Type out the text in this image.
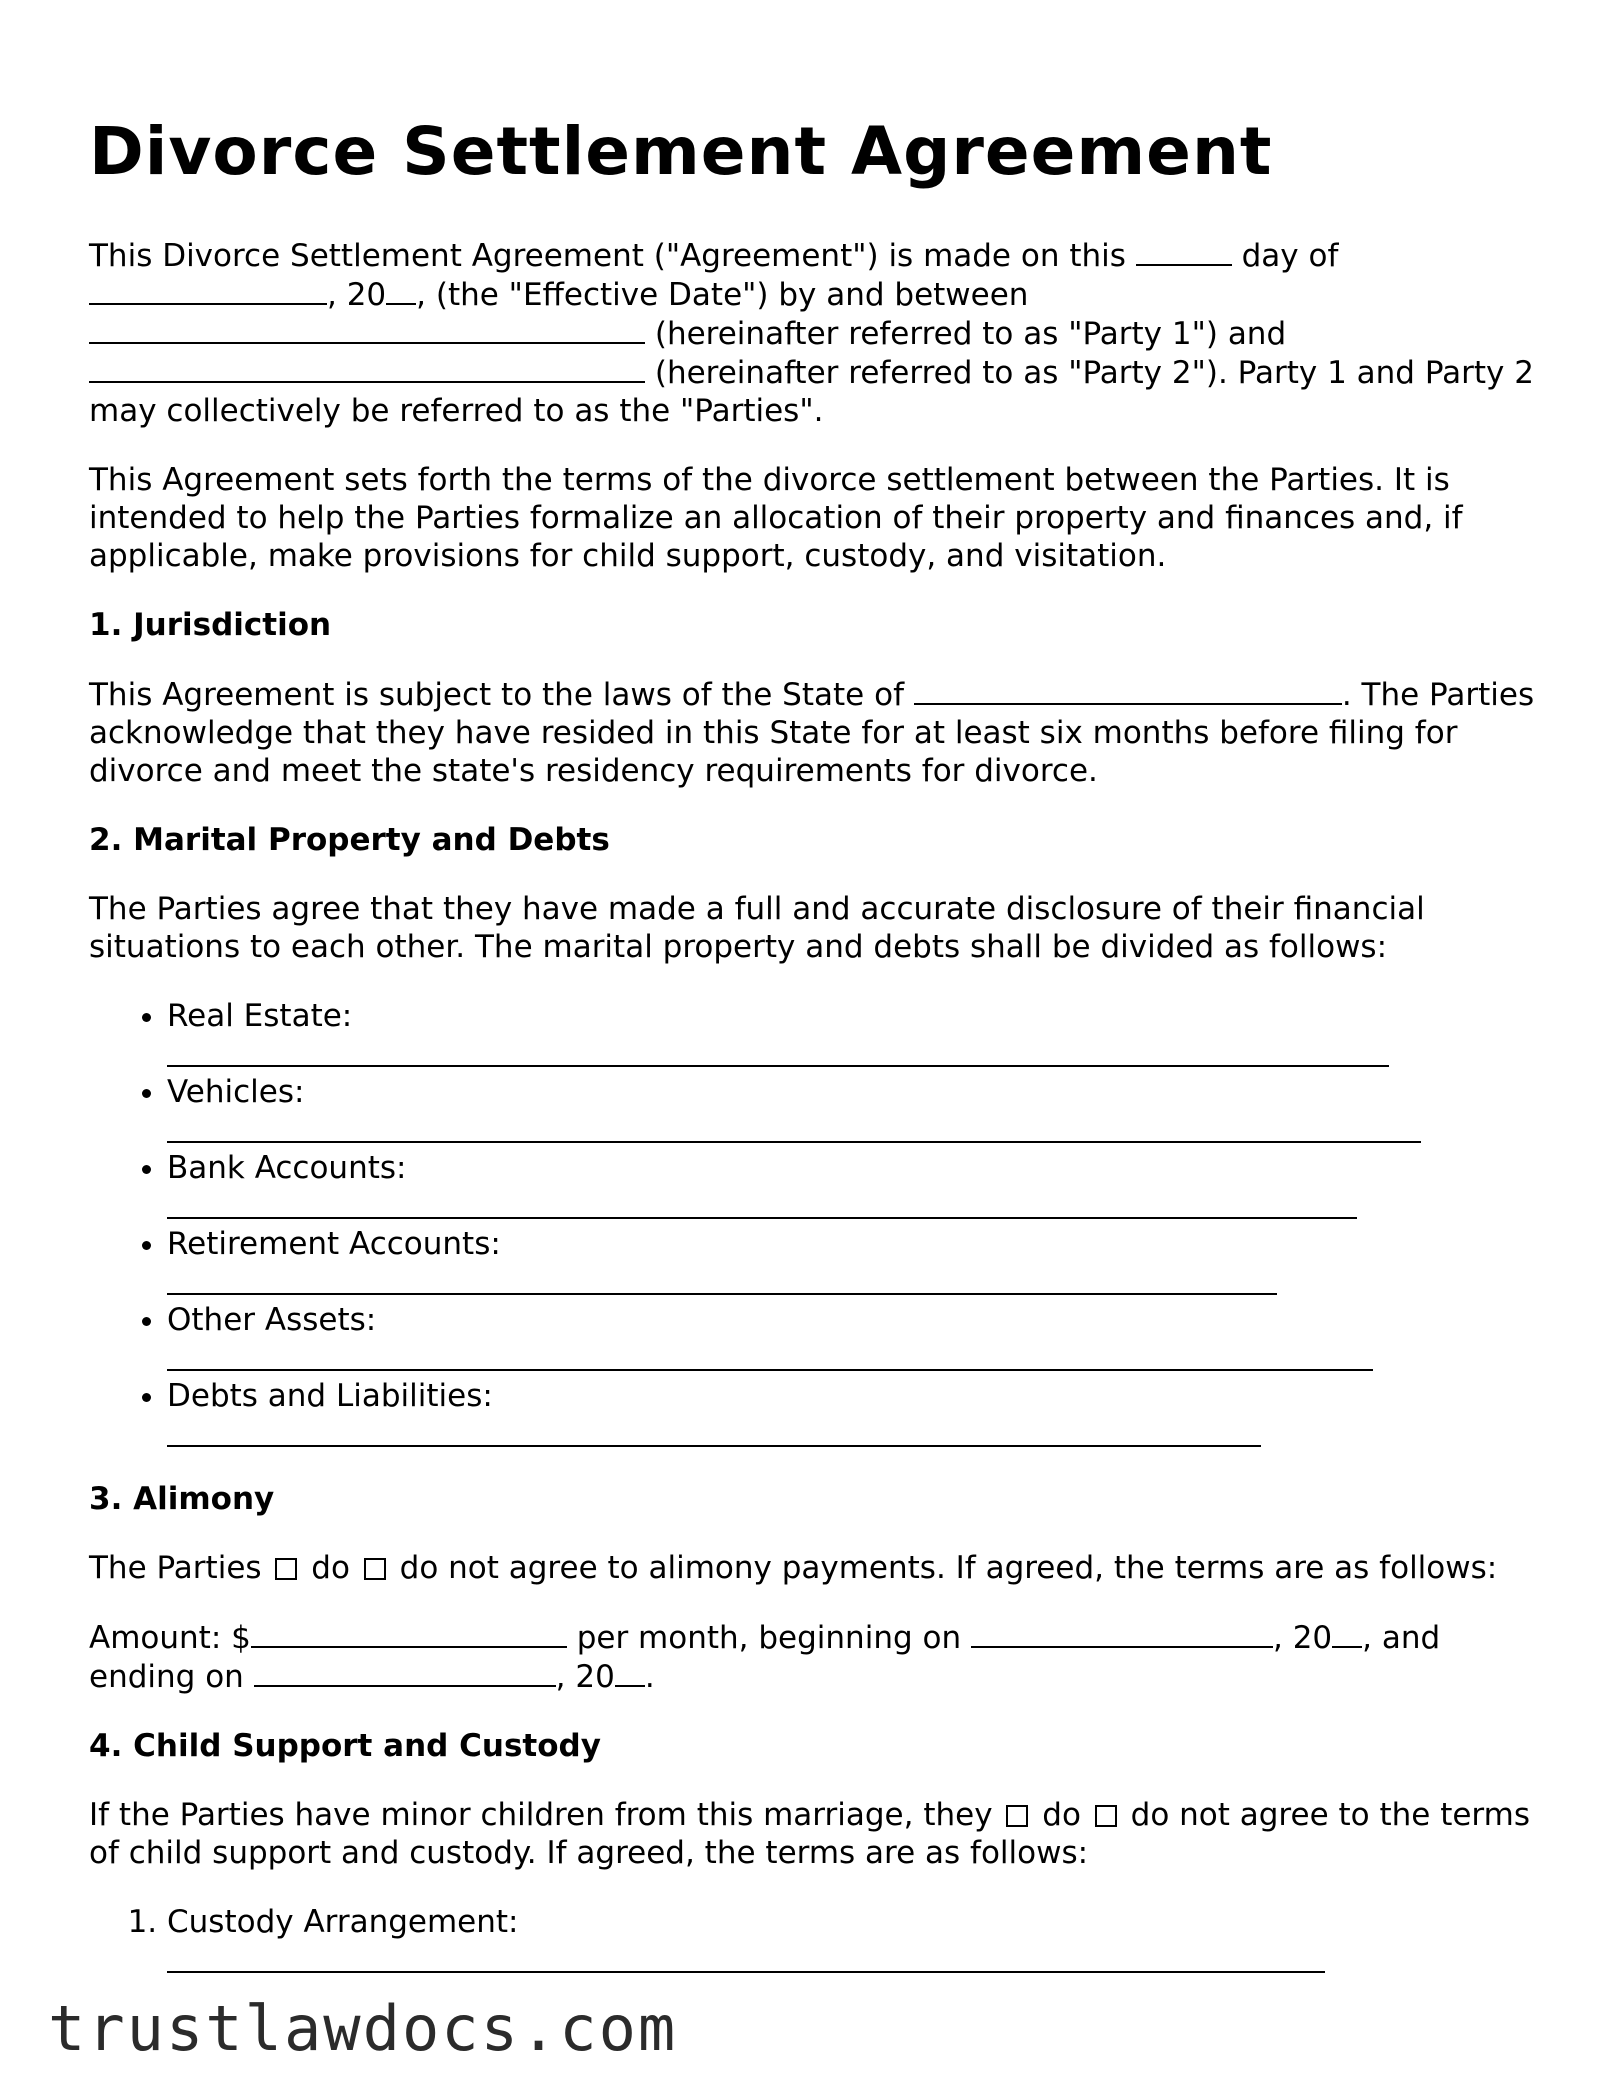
Divorce Settlement Agreement

This Divorce Settlement Agreement ("Agreement") is made on this	day of , 20 , (the "Effective Date") by and between  (hereinafter referred to as "Party 1") and  (hereinafter referred to as "Party 2"). Party 1 and Party 2 may collectively be referred to as the "Parties".

This Agreement sets forth the terms of the divorce settlement between the Parties. It is intended to help the Parties formalize an allocation of their property and finances and, if applicable, make provisions for child support, custody, and visitation.

1. Jurisdiction

This Agreement is subject to the laws of the State of	. The Parties acknowledge that they have resided in this State for at least six months before filing for divorce and meet the state's residency requirements for divorce.

2. Marital Property and Debts

The Parties agree that they have made a full and accurate disclosure of their financial situations to each other. The marital property and debts shall be divided as follows:

• Real Estate:
• Vehicles:
• Bank Accounts:
• Retirement Accounts:
• Other Assets:
• Debts and Liabilities:
3. Alimony

The Parties do do not agree to alimony payments. If agreed, the terms are as follows:

Amount: $	per month, beginning on	, 20 , and ending on	, 20 .

4. Child Support and Custody

If the Parties have minor children from this marriage, they do do not agree to the terms of child support and custody. If agreed, the terms are as follows:

1. Custody Arrangement:
trustlawdocs.com
